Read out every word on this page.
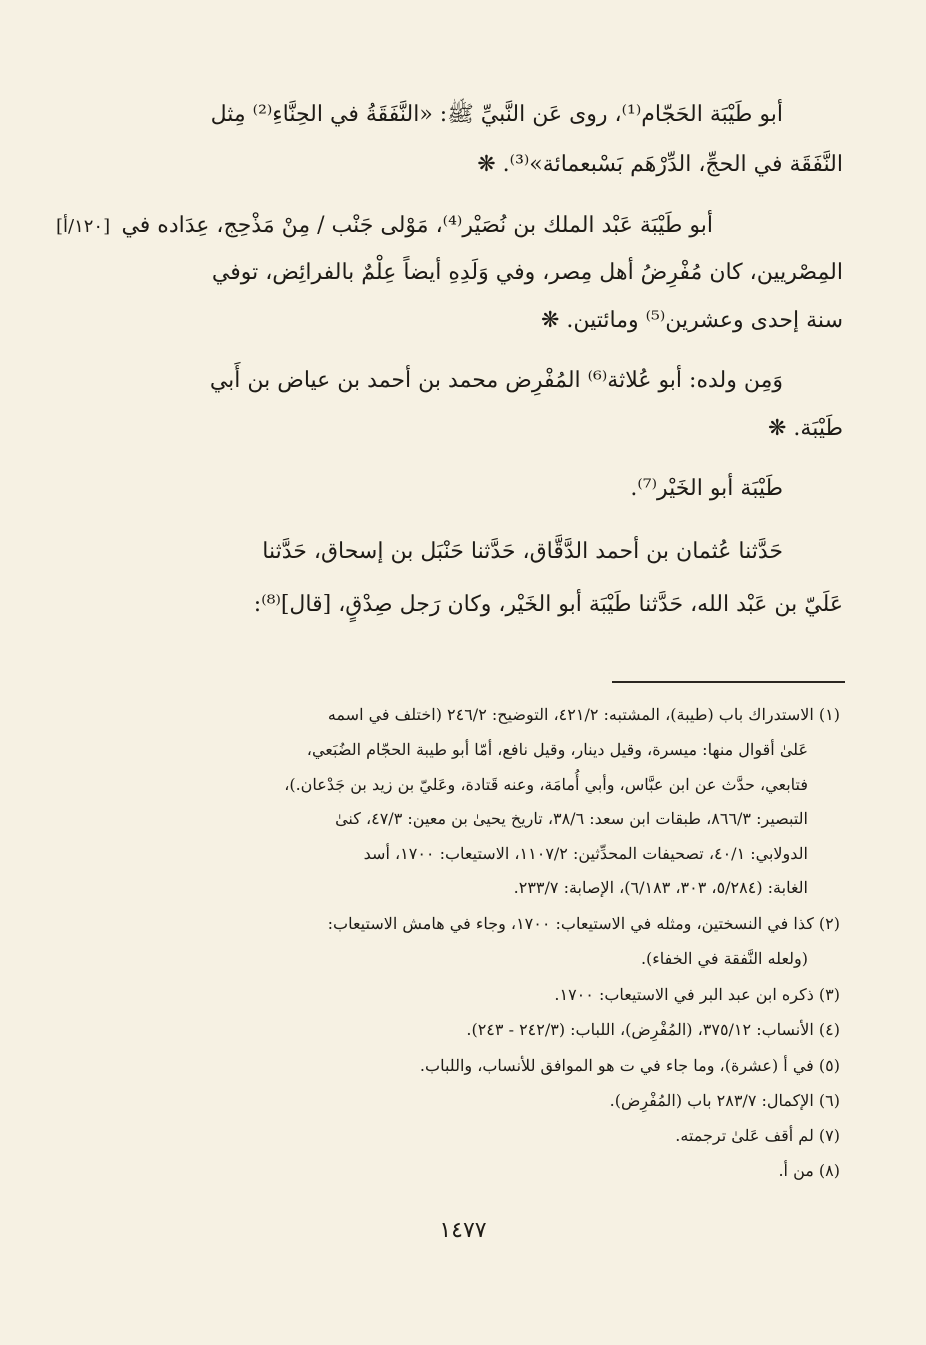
أبو طَيْبَة الحَجّام⁽¹⁾، روى عَن النَّبيِّ ﷺ: «النَّفَقَةُ في الحِنَّاءِ⁽²⁾ مِثل
النَّفَقَة في الحجِّ، الدِّرْهَم بَسْبعمائة»⁽³⁾. ❋
[١٢٠/أ] أبو طَيْبَة عَبْد الملك بن نُصَيْر⁽⁴⁾، مَوْلى جَنْب / مِنْ مَذْحِج، عِدَاده في
المِصْريين، كان مُفْرِضُ أهل مِصر، وفي وَلَدِهِ أيضاً عِلْمٌ بالفرائِض، توفي
سنة إحدى وعشرين⁽⁵⁾ ومائتين. ❋
وَمِن ولده: أبو عُلاثة⁽⁶⁾ المُفْرِض محمد بن أحمد بن عياض بن أَبي
طَيْبَة. ❋
طَيْبَة أبو الخَيْر⁽⁷⁾.
حَدَّثنا عُثمان بن أحمد الدَّقَّاق، حَدَّثنا حَنْبَل بن إسحاق، حَدَّثنا
عَلَيّ بن عَبْد الله، حَدَّثنا طَيْبَة أبو الخَيْر، وكان رَجل صِدْقٍ، [قال]⁽⁸⁾:
(١) الاستدراك باب (طيبة)، المشتبه: ٤٢١/٢، التوضيح: ٢٤٦/٢ (اختلف في اسمه
عَلىٰ أقوال منها: ميسرة، وقيل دينار، وقيل نافع، أمّا أبو طيبة الحجّام الضُبَعي،
فتابعي، حدَّث عن ابن عبَّاس، وأبي أُمامَة، وعنه قَتادة، وعَليّ بن زيد بن جَدْعان.)،
التبصير: ٨٦٦/٣، طبقات ابن سعد: ٣٨/٦، تاريخ يحيىٰ بن معين: ٤٧/٣، كنىٰ
الدولابي: ٤٠/١، تصحيفات المحدِّثين: ١١٠٧/٢، الاستيعاب: ١٧٠٠، أسد
الغابة: (٥/٢٨٤، ٣٠٣، ٦/١٨٣)، الإصابة: ٢٣٣/٧.
(٢) كذا في النسختين، ومثله في الاستيعاب: ١٧٠٠، وجاء في هامش الاستيعاب:
(ولعله النَّفقة في الخفاء).
(٣) ذكره ابن عبد البر في الاستيعاب: ١٧٠٠.
(٤) الأنساب: ٣٧٥/١٢، (المُفْرِض)، اللباب: (٢٤٢/٣ - ٢٤٣).
(٥) في أ (عشرة)، وما جاء في ت هو الموافق للأنساب، واللباب.
(٦) الإكمال: ٢٨٣/٧ باب (المُفْرِض).
(٧) لم أقف عَلىٰ ترجمته.
(٨) من أ.
١٤٧٧
